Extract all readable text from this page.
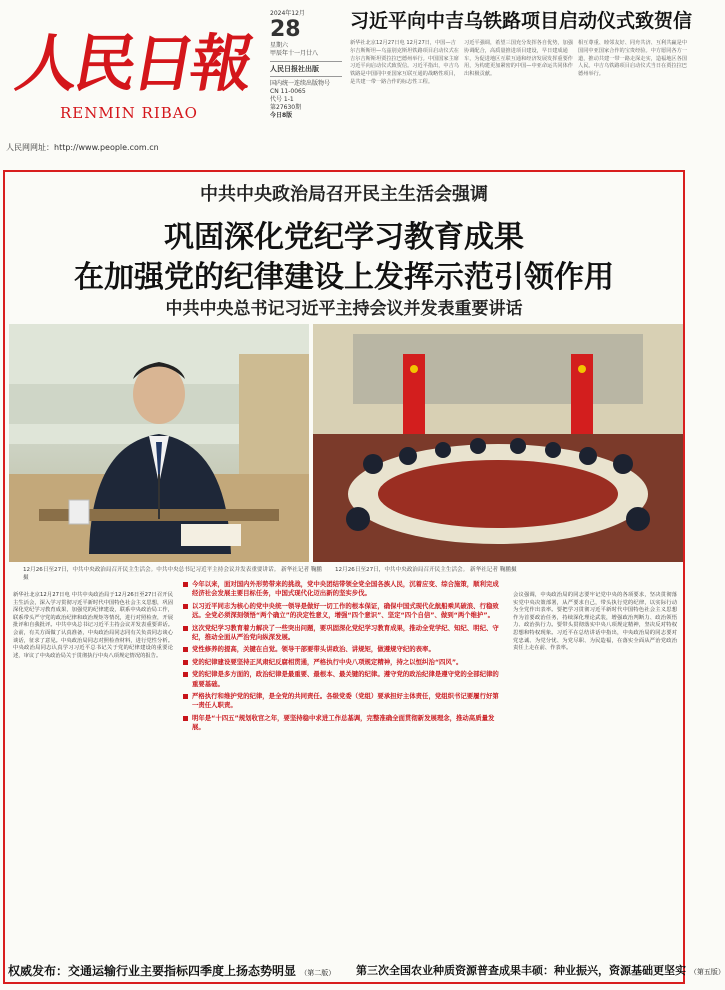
人民日報
RENMIN RIBAO
人民网网址：http://www.people.com.cn
2024年12月
28
星期六
甲辰年十一月廿八
人民日报社出版
国内统一连续出版物号
CN 11-0065
代号 1-1
第27630期
今日8版
习近平向中吉乌铁路项目启动仪式致贺信
新华社北京12月27日电 12月27日，中国—吉尔吉斯斯坦—乌兹别克斯坦铁路项目启动仪式在吉尔吉斯斯坦贾拉拉巴德州举行。中国国家主席习近平向启动仪式致贺信。习近平指出，中吉乌铁路是中国同中亚国家互联互通的战略性项目，是共建一带一路合作的标志性工程。
习近平强调，希望三国充分发挥各自优势，加强协调配合，高质量推进项目建设，早日建成通车，为促进地区互联互通和经济发展发挥重要作用，为构建更加紧密的中国—中亚命运共同体作出积极贡献。
相互尊重、睦邻友好、同舟共济、互利共赢是中国同中亚国家合作的宝贵经验。中方愿同各方一道，推动共建一带一路走深走实，造福地区各国人民。中吉乌铁路项目启动仪式当日在贾拉拉巴德州举行。
中共中央政治局召开民主生活会强调
巩固深化党纪学习教育成果
在加强党的纪律建设上发挥示范引领作用
中共中央总书记习近平主持会议并发表重要讲话
12月26日至27日，中共中央政治局召开民主生活会。中共中央总书记习近平主持会议并发表重要讲话。 新华社记者 鞠鹏摄
12月26日至27日，中共中央政治局召开民主生活会。 新华社记者 鞠鹏摄
新华社北京12月27日电 中共中央政治局于12月26日至27日召开民主生活会，深入学习贯彻习近平新时代中国特色社会主义思想，巩固深化党纪学习教育成果，加强党的纪律建设，联系中央政治局工作，联系带头严守党的政治纪律和政治规矩等情况，进行对照检查，开展批评和自我批评。中共中央总书记习近平主持会议并发表重要讲话。会前，有关方面做了认真准备，中央政治局同志同有关负责同志谈心谈话，征求了意见。中央政治局同志对照检查材料，进行党性分析。中央政治局同志认真学习习近平总书记关于党的纪律建设的重要论述，审议了中央政治局关于贯彻执行中央八项规定情况的报告。
今年以来，面对国内外形势带来的挑战，党中央团结带领全党全国各族人民，沉着应变、综合施策，顺利完成经济社会发展主要目标任务，中国式现代化迈出新的坚实步伐。
以习近平同志为核心的党中央统一领导是做好一切工作的根本保证，确保中国式现代化航船乘风破浪、行稳致远。全党必须深刻领悟“两个确立”的决定性意义，增强“四个意识”、坚定“四个自信”、做到“两个维护”。
这次党纪学习教育着力解决了一些突出问题，要巩固深化党纪学习教育成果，推动全党学纪、知纪、明纪、守纪，推动全面从严治党向纵深发展。
党性修养的提高，关键在自觉。领导干部要带头讲政治、讲规矩，做遵规守纪的表率。
党的纪律建设要坚持正风肃纪反腐相贯通，严格执行中央八项规定精神，持之以恒纠治“四风”。
党的纪律是多方面的，政治纪律是最重要、最根本、最关键的纪律。遵守党的政治纪律是遵守党的全部纪律的重要基础。
严格执行和维护党的纪律，是全党的共同责任。各级党委（党组）要承担好主体责任，党组织书记要履行好第一责任人职责。
明年是“十四五”规划收官之年，要坚持稳中求进工作总基调，完整准确全面贯彻新发展理念，推动高质量发展。
会议强调，中央政治局的同志要牢记党中央的各项要求，坚决贯彻落实党中央决策部署，从严要求自己，带头执行党的纪律，以实际行动为全党作出表率。要把学习贯彻习近平新时代中国特色社会主义思想作为首要政治任务，持续深化理论武装，增强政治判断力、政治领悟力、政治执行力。要带头贯彻落实中央八项规定精神，坚决反对特权思想和特权现象。习近平在总结讲话中指出，中央政治局的同志要对党忠诚、为党分忧、为党尽职、为民造福，在落实全面从严治党政治责任上走在前、作表率。
权威发布：交通运输行业主要指标四季度上扬态势明显 （第二版） 第三次全国农业种质资源普查成果丰硕：种业振兴，资源基础更坚实 （第五版）
